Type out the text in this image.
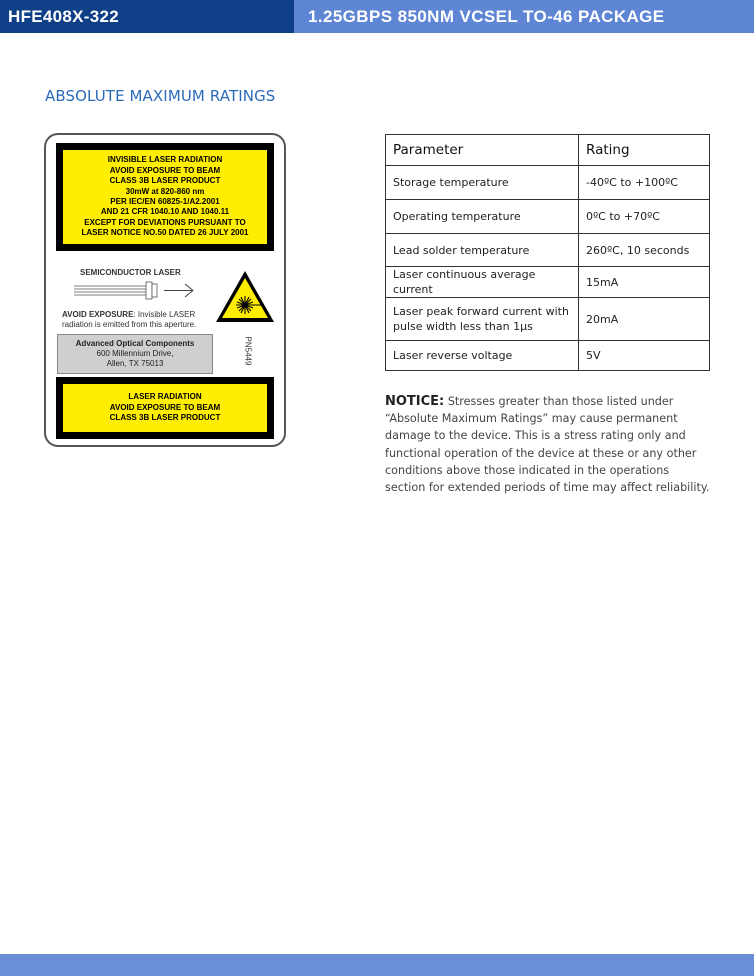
HFE408X-322	1.25GBPS 850NM VCSEL TO-46 PACKAGE
ABSOLUTE MAXIMUM RATINGS
INVISIBLE LASER RADIATION
AVOID EXPOSURE TO BEAM
CLASS 3B LASER PRODUCT
30mW at 820-860 nm
PER IEC/EN 60825-1/A2.2001
AND 21 CFR 1040.10 AND 1040.11
EXCEPT FOR DEVIATIONS PURSUANT TO
LASER NOTICE NO.50 DATED 26 JULY 2001
SEMICONDUCTOR LASER
AVOID EXPOSURE: Invisible LASER radiation is emitted from this aperture.
Advanced Optical Components
600 Millennium Drive,
Allen, TX 75013	PN5449
LASER RADIATION
AVOID EXPOSURE TO BEAM
CLASS 3B LASER PRODUCT
Parameter	Rating
Storage temperature	-40ºC to +100ºC
Operating temperature	0ºC to +70ºC
Lead solder temperature	260ºC, 10 seconds
Laser continuous average current	15mA
Laser peak forward current with pulse width less than 1µs	20mA
Laser reverse voltage	5V
NOTICE: Stresses greater than those listed under “Absolute Maximum Ratings” may cause permanent damage to the device. This is a stress rating only and functional operation of the device at these or any other conditions above those indicated in the operations section for extended periods of time may affect reliability.
